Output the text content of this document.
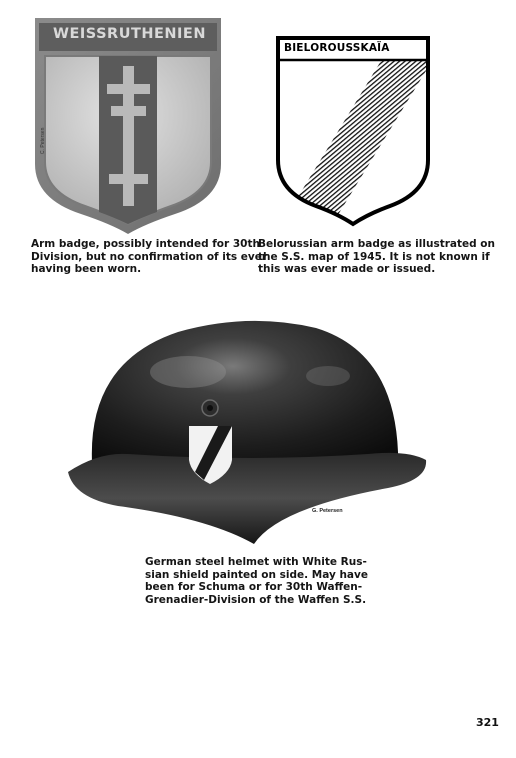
WEISSRUTHENIEN
C. Petersen
Arm badge, possibly intended for 30th
Division, but no confirmation of its ever
having been worn.
BIELOROUSSKAÏA
Belorussian arm badge as illustrated on
the S.S. map of 1945. It is not known if
this was ever made or issued.
G. Petersen
German steel helmet with White Rus-
sian shield painted on side. May have
been for Schuma or for 30th Waffen-
Grenadier-Division of the Waffen S.S.
321
